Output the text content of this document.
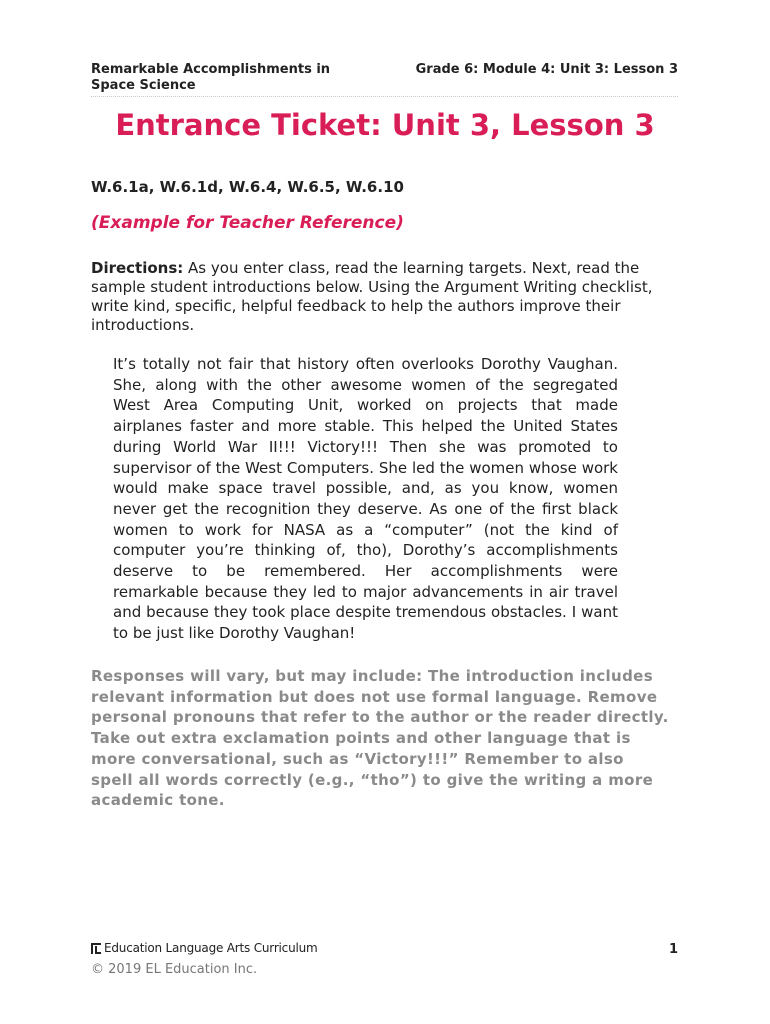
Remarkable Accomplishments in Space Science
Grade 6: Module 4: Unit 3: Lesson 3
Entrance Ticket: Unit 3, Lesson 3
W.6.1a, W.6.1d, W.6.4, W.6.5, W.6.10
(Example for Teacher Reference)
Directions: As you enter class, read the learning targets. Next, read the sample student introductions below. Using the Argument Writing checklist, write kind, specific, helpful feedback to help the authors improve their introductions.
It’s totally not fair that history often overlooks Dorothy Vaughan. She, along with the other awesome women of the segregated West Area Computing Unit, worked on projects that made airplanes faster and more stable. This helped the United States during World War II!!! Victory!!! Then she was promoted to supervisor of the West Computers. She led the women whose work would make space travel possible, and, as you know, women never get the recognition they deserve. As one of the first black women to work for NASA as a “computer” (not the kind of computer you’re thinking of, tho), Dorothy’s accomplishments deserve to be remembered. Her accomplishments were remarkable because they led to major advancements in air travel and because they took place despite tremendous obstacles. I want to be just like Dorothy Vaughan!
Responses will vary, but may include: The introduction includes relevant information but does not use formal language. Remove personal pronouns that refer to the author or the reader directly. Take out extra exclamation points and other language that is more conversational, such as “Victory!!!” Remember to also spell all words correctly (e.g., “tho”) to give the writing a more academic tone.
Education Language Arts Curriculum	1
© 2019 EL Education Inc.
